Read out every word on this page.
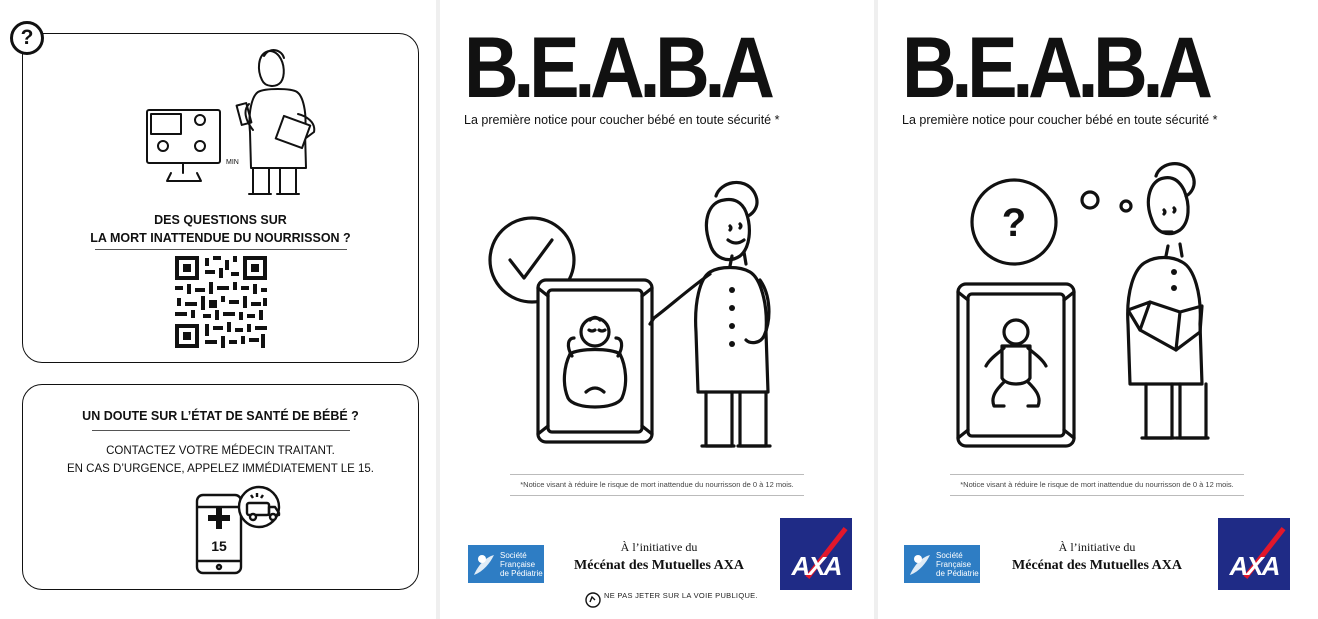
?
MIN
DES QUESTIONS SUR
LA MORT INATTENDUE DU NOURRISSON ?
UN DOUTE SUR L’ÉTAT DE SANTÉ DE BÉBÉ ?
CONTACTEZ VOTRE MÉDECIN TRAITANT.
EN CAS D’URGENCE, APPELEZ IMMÉDIATEMENT LE 15.
15
B.E.A.B.A
La première notice pour coucher bébé en toute sécurité *
*Notice visant à réduire le risque de mort inattendue du nourrisson de 0 à 12 mois.
Société
Française
de Pédiatrie
À l’initiative du
Mécénat des Mutuelles AXA	AXA
NE PAS JETER SUR LA VOIE PUBLIQUE.
B.E.A.B.A
La première notice pour coucher bébé en toute sécurité *
?
*Notice visant à réduire le risque de mort inattendue du nourrisson de 0 à 12 mois.
Société
Française
de Pédiatrie
À l’initiative du
Mécénat des Mutuelles AXA	AXA
